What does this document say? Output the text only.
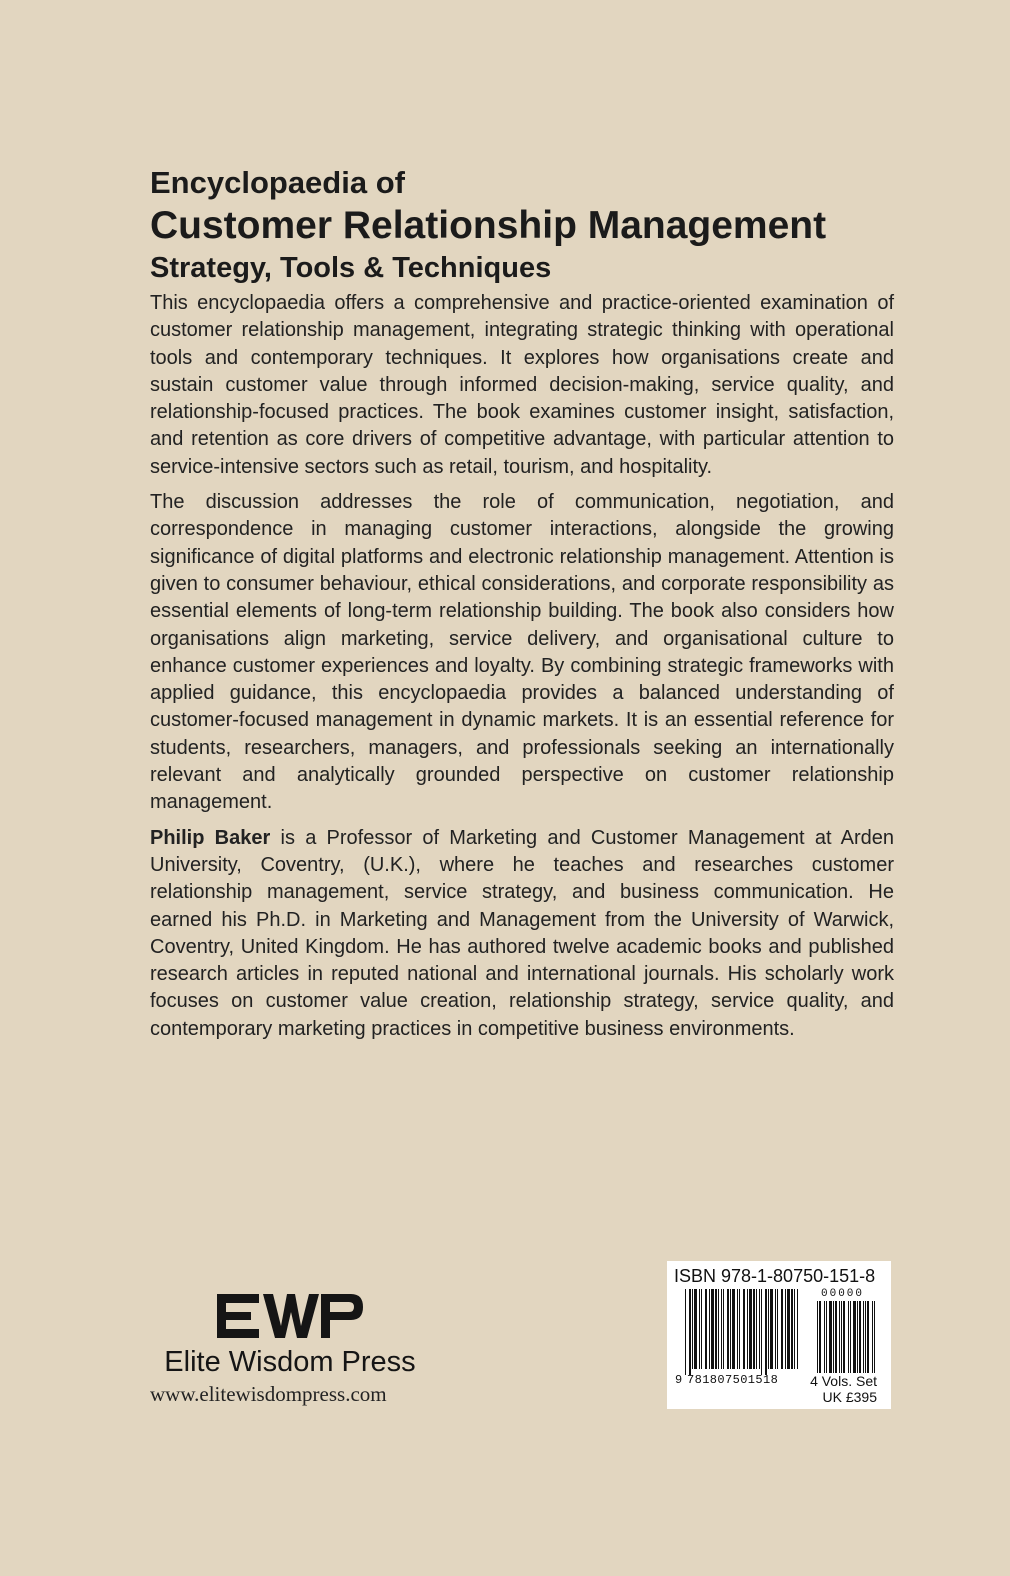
Encyclopaedia of
Customer Relationship Management
Strategy, Tools & Techniques

This encyclopaedia offers a comprehensive and practice-oriented examination of customer relationship management, integrating strategic thinking with operational tools and contemporary techniques. It explores how organisations create and sustain customer value through informed decision-making, service quality, and relationship-focused practices. The book examines customer insight, satisfaction, and retention as core drivers of competitive advantage, with particular attention to service-intensive sectors such as retail, tourism, and hospitality.

The discussion addresses the role of communication, negotiation, and correspondence in managing customer interactions, alongside the growing significance of digital platforms and electronic relationship management. Attention is given to consumer behaviour, ethical considerations, and corporate responsibility as essential elements of long-term relationship building. The book also considers how organisations align marketing, service delivery, and organisational culture to enhance customer experiences and loyalty. By combining strategic frameworks with applied guidance, this encyclopaedia provides a balanced understanding of customer-focused management in dynamic markets. It is an essential reference for students, researchers, managers, and professionals seeking an internationally relevant and analytically grounded perspective on customer relationship management.

Philip Baker is a Professor of Marketing and Customer Management at Arden University, Coventry, (U.K.), where he teaches and researches customer relationship management, service strategy, and business communication. He earned his Ph.D. in Marketing and Management from the University of Warwick, Coventry, United Kingdom. He has authored twelve academic books and published research articles in reputed national and international journals. His scholarly work focuses on customer value creation, relationship strategy, service quality, and contemporary marketing practices in competitive business environments.

Elite Wisdom Press
www.elitewisdompress.com
ISBN 978-1-80750-151-8
9 781807501518
00000
4 Vols. Set
UK £395
